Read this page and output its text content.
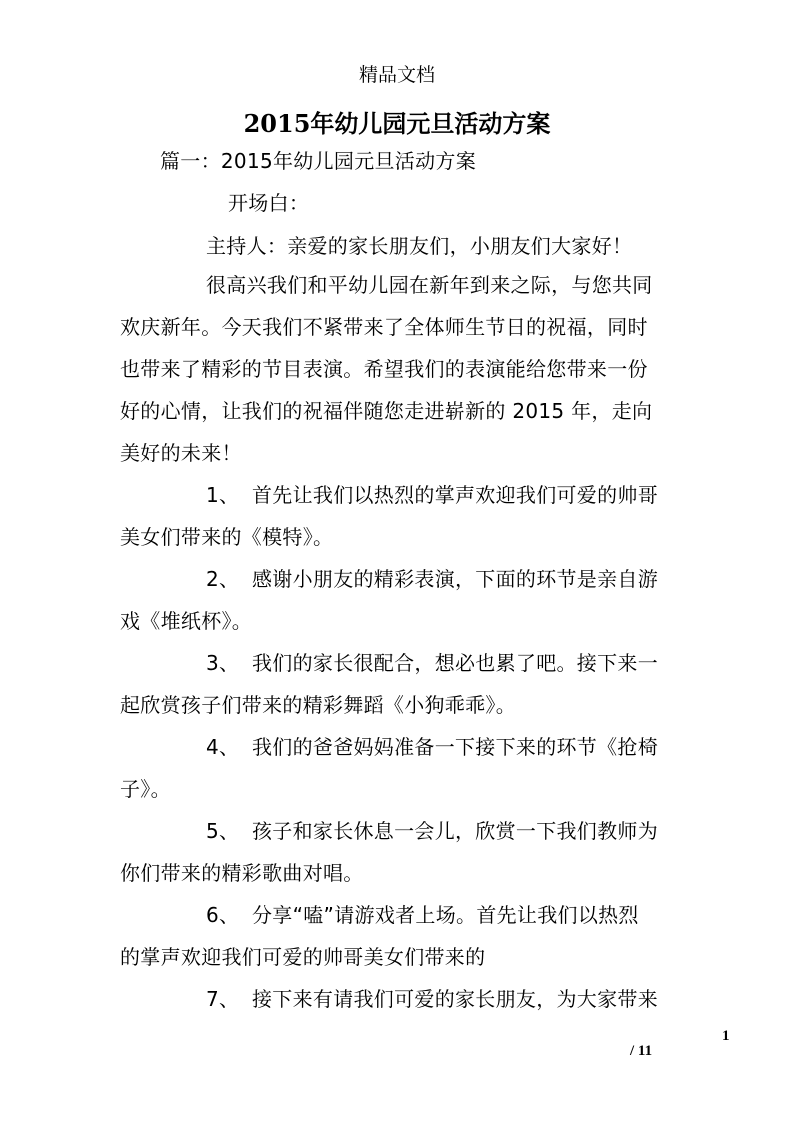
精品文档
2015年幼儿园元旦活动方案
篇一：2015年幼儿园元旦活动方案
开场白：
主持人：亲爱的家长朋友们，小朋友们大家好！
很高兴我们和平幼儿园在新年到来之际，与您共同
欢庆新年。今天我们不紧带来了全体师生节日的祝福，同时
也带来了精彩的节目表演。希望我们的表演能给您带来一份
好的心情，让我们的祝福伴随您走进崭新的 2015 年，走向
美好的未来！
1、 首先让我们以热烈的掌声欢迎我们可爱的帅哥
美女们带来的《模特》。
2、 感谢小朋友的精彩表演，下面的环节是亲自游
戏《堆纸杯》。
3、 我们的家长很配合，想必也累了吧。接下来一
起欣赏孩子们带来的精彩舞蹈《小狗乖乖》。
4、 我们的爸爸妈妈准备一下接下来的环节《抢椅
子》。
5、 孩子和家长休息一会儿，欣赏一下我们教师为
你们带来的精彩歌曲对唱。
6、 分享“嗑”请游戏者上场。首先让我们以热烈
的掌声欢迎我们可爱的帅哥美女们带来的
7、 接下来有请我们可爱的家长朋友，为大家带来
1
/ 11
